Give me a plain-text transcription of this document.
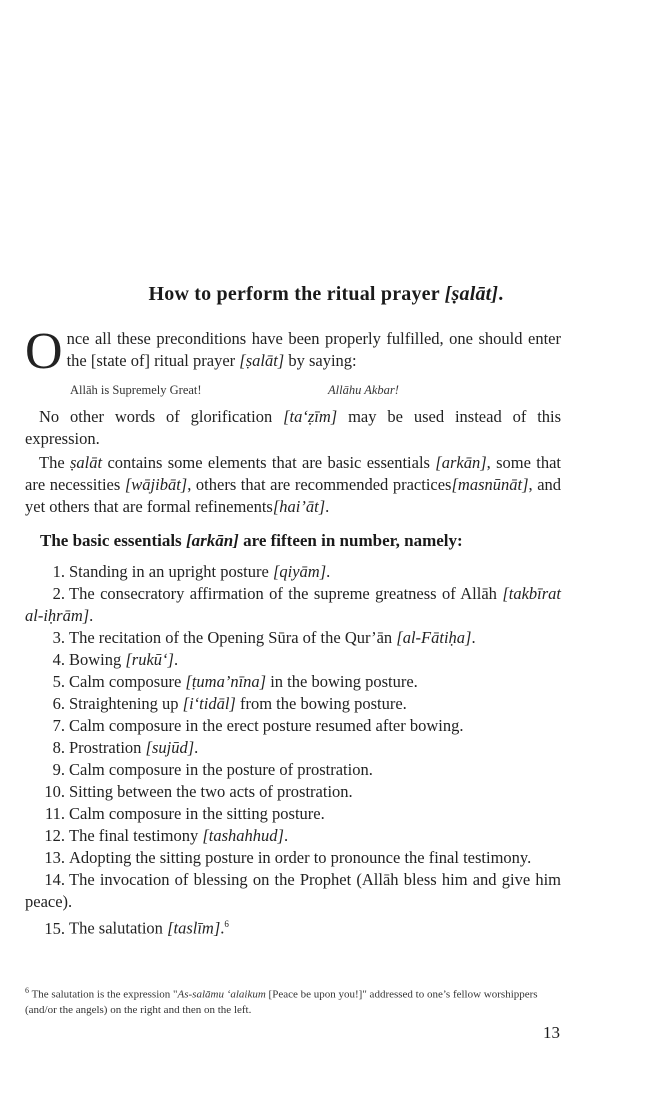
How to perform the ritual prayer [ṣalāt].
O nce all these preconditions have been properly fulfilled, one should enter the [state of] ritual prayer [ṣalāt] by saying:

Allāh is Supremely Great!	Allāhu Akbar!

No other words of glorification [ta‘ẓīm] may be used instead of this expression.

The ṣalāt contains some elements that are basic essentials [arkān], some that are necessities [wājibāt], others that are recommended practices[masnūnāt], and yet others that are formal refinements[hai’āt].

The basic essentials [arkān] are fifteen in number, namely:

1. Standing in an upright posture [qiyām].

2. The consecratory affirmation of the supreme greatness of Allāh [takbīrat al-iḥrām].

3. The recitation of the Opening Sūra of the Qur’ān [al-Fātiḥa].

4. Bowing [rukū‘].

5. Calm composure [ṭuma’nīna] in the bowing posture.

6. Straightening up [i‘tidāl] from the bowing posture.

7. Calm composure in the erect posture resumed after bowing.

8. Prostration [sujūd].

9. Calm composure in the posture of prostration.

10. Sitting between the two acts of prostration.

11. Calm composure in the sitting posture.

12. The final testimony [tashahhud].

13. Adopting the sitting posture in order to pronounce the final testimony.

14. The invocation of blessing on the Prophet (Allāh bless him and give him peace).

15. The salutation [taslīm].$^6$

$^6$ The salutation is the expression "As-salāmu ‘alaikum [Peace be upon you!]" addressed to one’s fellow worshippers (and/or the angels) on the right and then on the left.
13
